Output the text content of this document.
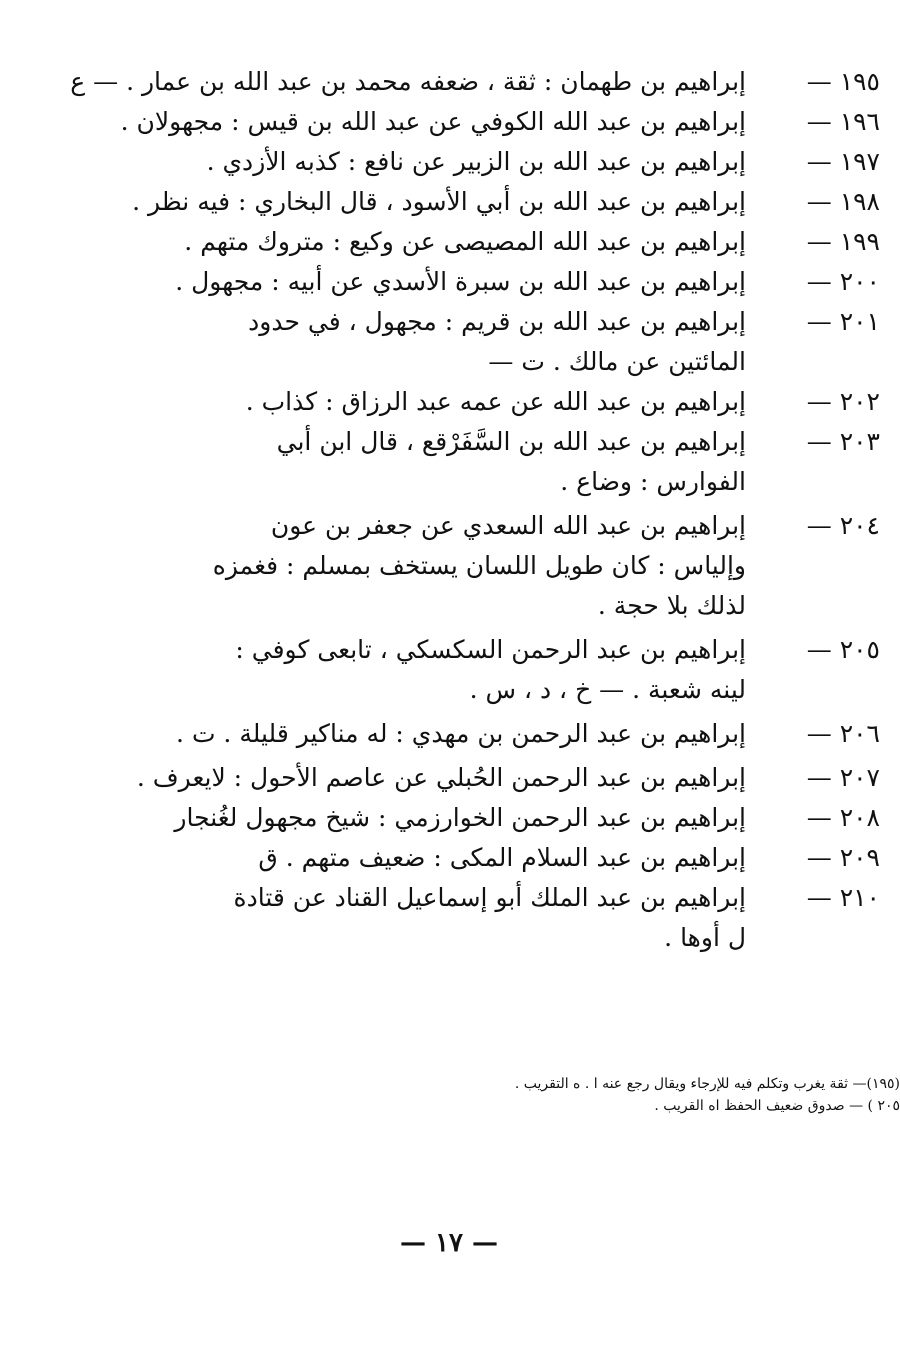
١٩٥ —
إبراهيم بن طهمان : ثقة ، ضعفه محمد بن عبد الله بن عمار . — ع
١٩٦ —
إبراهيم بن عبد الله الكوفي عن عبد الله بن قيس : مجهولان .
١٩٧ —
إبراهيم بن عبد الله بن الزبير عن نافع : كذبه الأزدي .
١٩٨ —
إبراهيم بن عبد الله بن أبي الأسود ، قال البخاري : فيه نظر .
١٩٩ —
إبراهيم بن عبد الله المصيصى عن وكيع : متروك متهم .
٢٠٠ —
إبراهيم بن عبد الله بن سبرة الأسدي عن أبيه : مجهول .
٢٠١ —
إبراهيم بن عبد الله بن قريم : مجهول ، في حدود
المائتين عن مالك . ت —
٢٠٢ —
إبراهيم بن عبد الله عن عمه عبد الرزاق : كذاب .
٢٠٣ —
إبراهيم بن عبد الله بن السَّفَرْقع ، قال ابن أبي
الفوارس : وضاع .
٢٠٤ —
إبراهيم بن عبد الله السعدي عن جعفر بن عون
وإلياس : كان طويل اللسان يستخف بمسلم : فغمزه
لذلك بلا حجة .
٢٠٥ —
إبراهيم بن عبد الرحمن السكسكي ، تابعى كوفي :
لينه شعبة . — خ ، د ، س .
٢٠٦ —
إبراهيم بن عبد الرحمن بن مهدي : له مناكير قليلة . ت .
٢٠٧ —
إبراهيم بن عبد الرحمن الحُبلي عن عاصم الأحول : لايعرف .
٢٠٨ —
إبراهيم بن عبد الرحمن الخوارزمي : شيخ مجهول لغُنجار
٢٠٩ —
إبراهيم بن عبد السلام المكى : ضعيف متهم . ق
٢١٠ —
إبراهيم بن عبد الملك أبو إسماعيل القناد عن قتادة
ل أوها .
(١٩٥)— ثقة يغرب وتكلم فيه للإرجاء ويقال رجع عنه ا . ه التقريب .
٢٠٥ ) — صدوق ضعيف الحفظ اه القريب .
— ١٧ —
